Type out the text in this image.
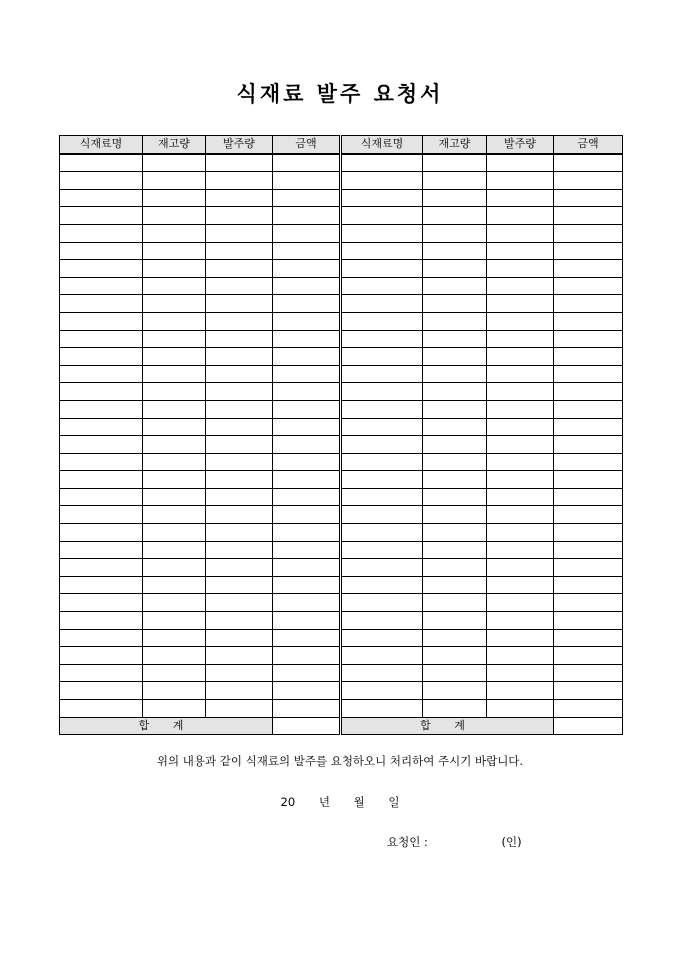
식재료 발주 요청서
식재료명	재고량	발주량	금액	식재료명	재고량	발주량	금액

합 계				합 계			
위의 내용과 같이 식재료의 발주를 요청하오니 처리하여 주시기 바랍니다.
20 년 월 일
요청인 :	(인)
